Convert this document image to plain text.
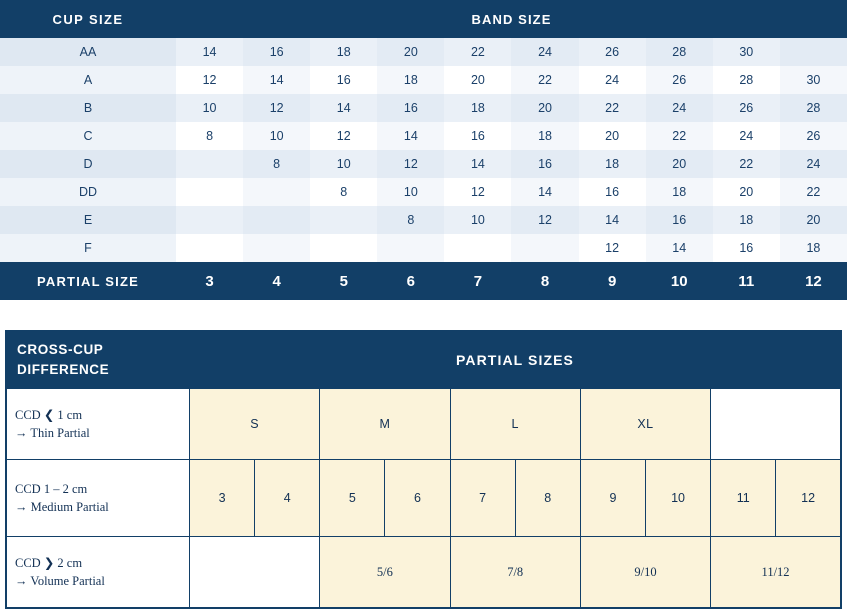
CUP SIZE	BAND SIZE									
AA	14	16	18	20	22	24	26	28	30	
A	12	14	16	18	20	22	24	26	28	30
B	10	12	14	16	18	20	22	24	26	28
C	8	10	12	14	16	18	20	22	24	26
D		8	10	12	14	16	18	20	22	24
DD			8	10	12	14	16	18	20	22
E				8	10	12	14	16	18	20
F							12	14	16	18
PARTIAL SIZE	3	4	5	6	7	8	9	10	11	12
CROSS-CUP DIFFERENCE	PARTIAL SIZES									

CCD ❮ 1 cm
→ Thin Partial	S		M		L		XL			

CCD 1 – 2 cm
→ Medium Partial	3	4	5	6	7	8	9	10	11	12

CCD ❯ 2 cm
→ Volume Partial			5/6		7/8		9/10		11/12	
